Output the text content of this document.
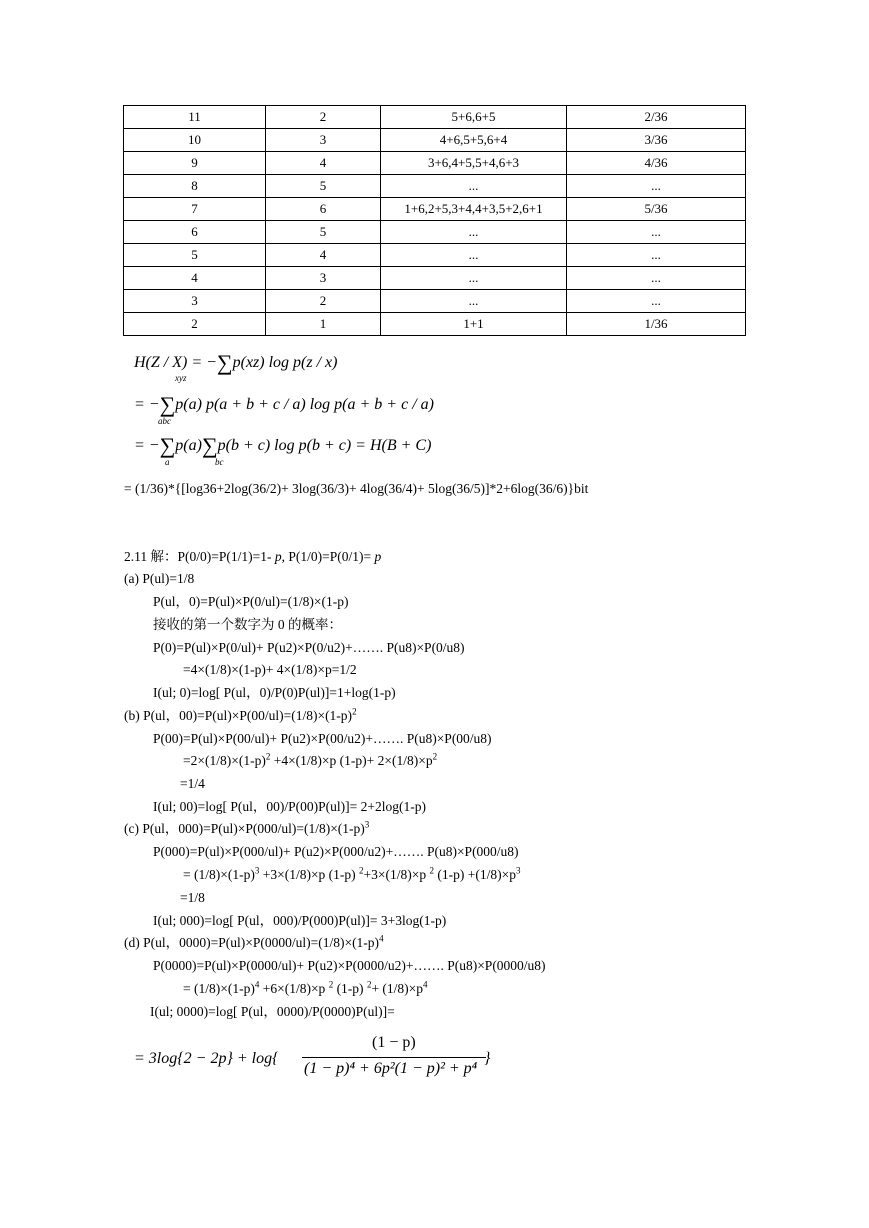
11	2	5+6,6+5	2/36
10	3	4+6,5+5,6+4	3/36
9	4	3+6,4+5,5+4,6+3	4/36
8	5	...	...
7	6	1+6,2+5,3+4,4+3,5+2,6+1	5/36
6	5	...	...
5	4	...	...
4	3	...	...
3	2	...	...
2	1	1+1	1/36
H(Z / X) = −∑p(xz) log p(z / x)
xyz
= −∑p(a) p(a + b + c / a) log p(a + b + c / a)
abc
= −∑p(a)∑p(b + c) log p(b + c) = H(B + C)
a	bc
= (1/36)*{[log36+2log(36/2)+ 3log(36/3)+ 4log(36/4)+ 5log(36/5)]*2+6log(36/6)}bit
2.11 解：P(0/0)=P(1/1)=1- p, P(1/0)=P(0/1)= p
(a) P(ul)=1/8
P(ul，0)=P(ul)×P(0/ul)=(1/8)×(1-p)
接收的第一个数字为 0 的概率：
P(0)=P(ul)×P(0/ul)+ P(u2)×P(0/u2)+……. P(u8)×P(0/u8)
=4×(1/8)×(1-p)+ 4×(1/8)×p=1/2
I(ul; 0)=log[ P(ul，0)/P(0)P(ul)]=1+log(1-p)
(b) P(ul，$00)=P(ul)\times P(00/ul)=(1/8)\times(1-p)^2$
P(00)=P(ul)×P(00/ul)+ P(u2)×P(00/u2)+……. P(u8)×P(00/u8)
$=2\times(1/8)\times(1-p)^2 +4\times(1/8)\times p$ $(1-p)+ 2\times(1/8)\times p^2$
=1/4
I(ul; 00)=log[ P(ul，00)/P(00)P(ul)]= 2+2log(1-p)
(c) P(ul，$000)=P(ul)\times P(000/ul)=(1/8)\times(1-p)^3$
P(000)=P(ul)×P(000/ul)+ P(u2)×P(000/u2)+……. P(u8)×P(000/u8)
= $(1/8)\times(1-p)^3 +3\times(1/8)\times p$ (1-p) $^2$+3×(1/8)×p $^2$ $(1-p) +(1/8)\times p^3$
=1/8
I(ul; 000)=log[ P(ul，000)/P(000)P(ul)]= 3+3log(1-p)
(d) P(ul，$0000)=P(ul)\times P(0000/ul)=(1/8)\times(1-p)^4$
P(0000)=P(ul)×P(0000/ul)+ P(u2)×P(0000/u2)+……. P(u8)×P(0000/u8)
= $(1/8)\times(1-p)^4 +6\times(1/8)\times p$ $^2$ (1-p) $^2+ (1/8)\times p^4$
I(ul; 0000)=log[ P(ul，0000)/P(0000)P(ul)]=
= 3log{2 − 2p} + log{
(1 − p)
(1 − p)⁴ + 6p²(1 − p)² + p⁴
}
